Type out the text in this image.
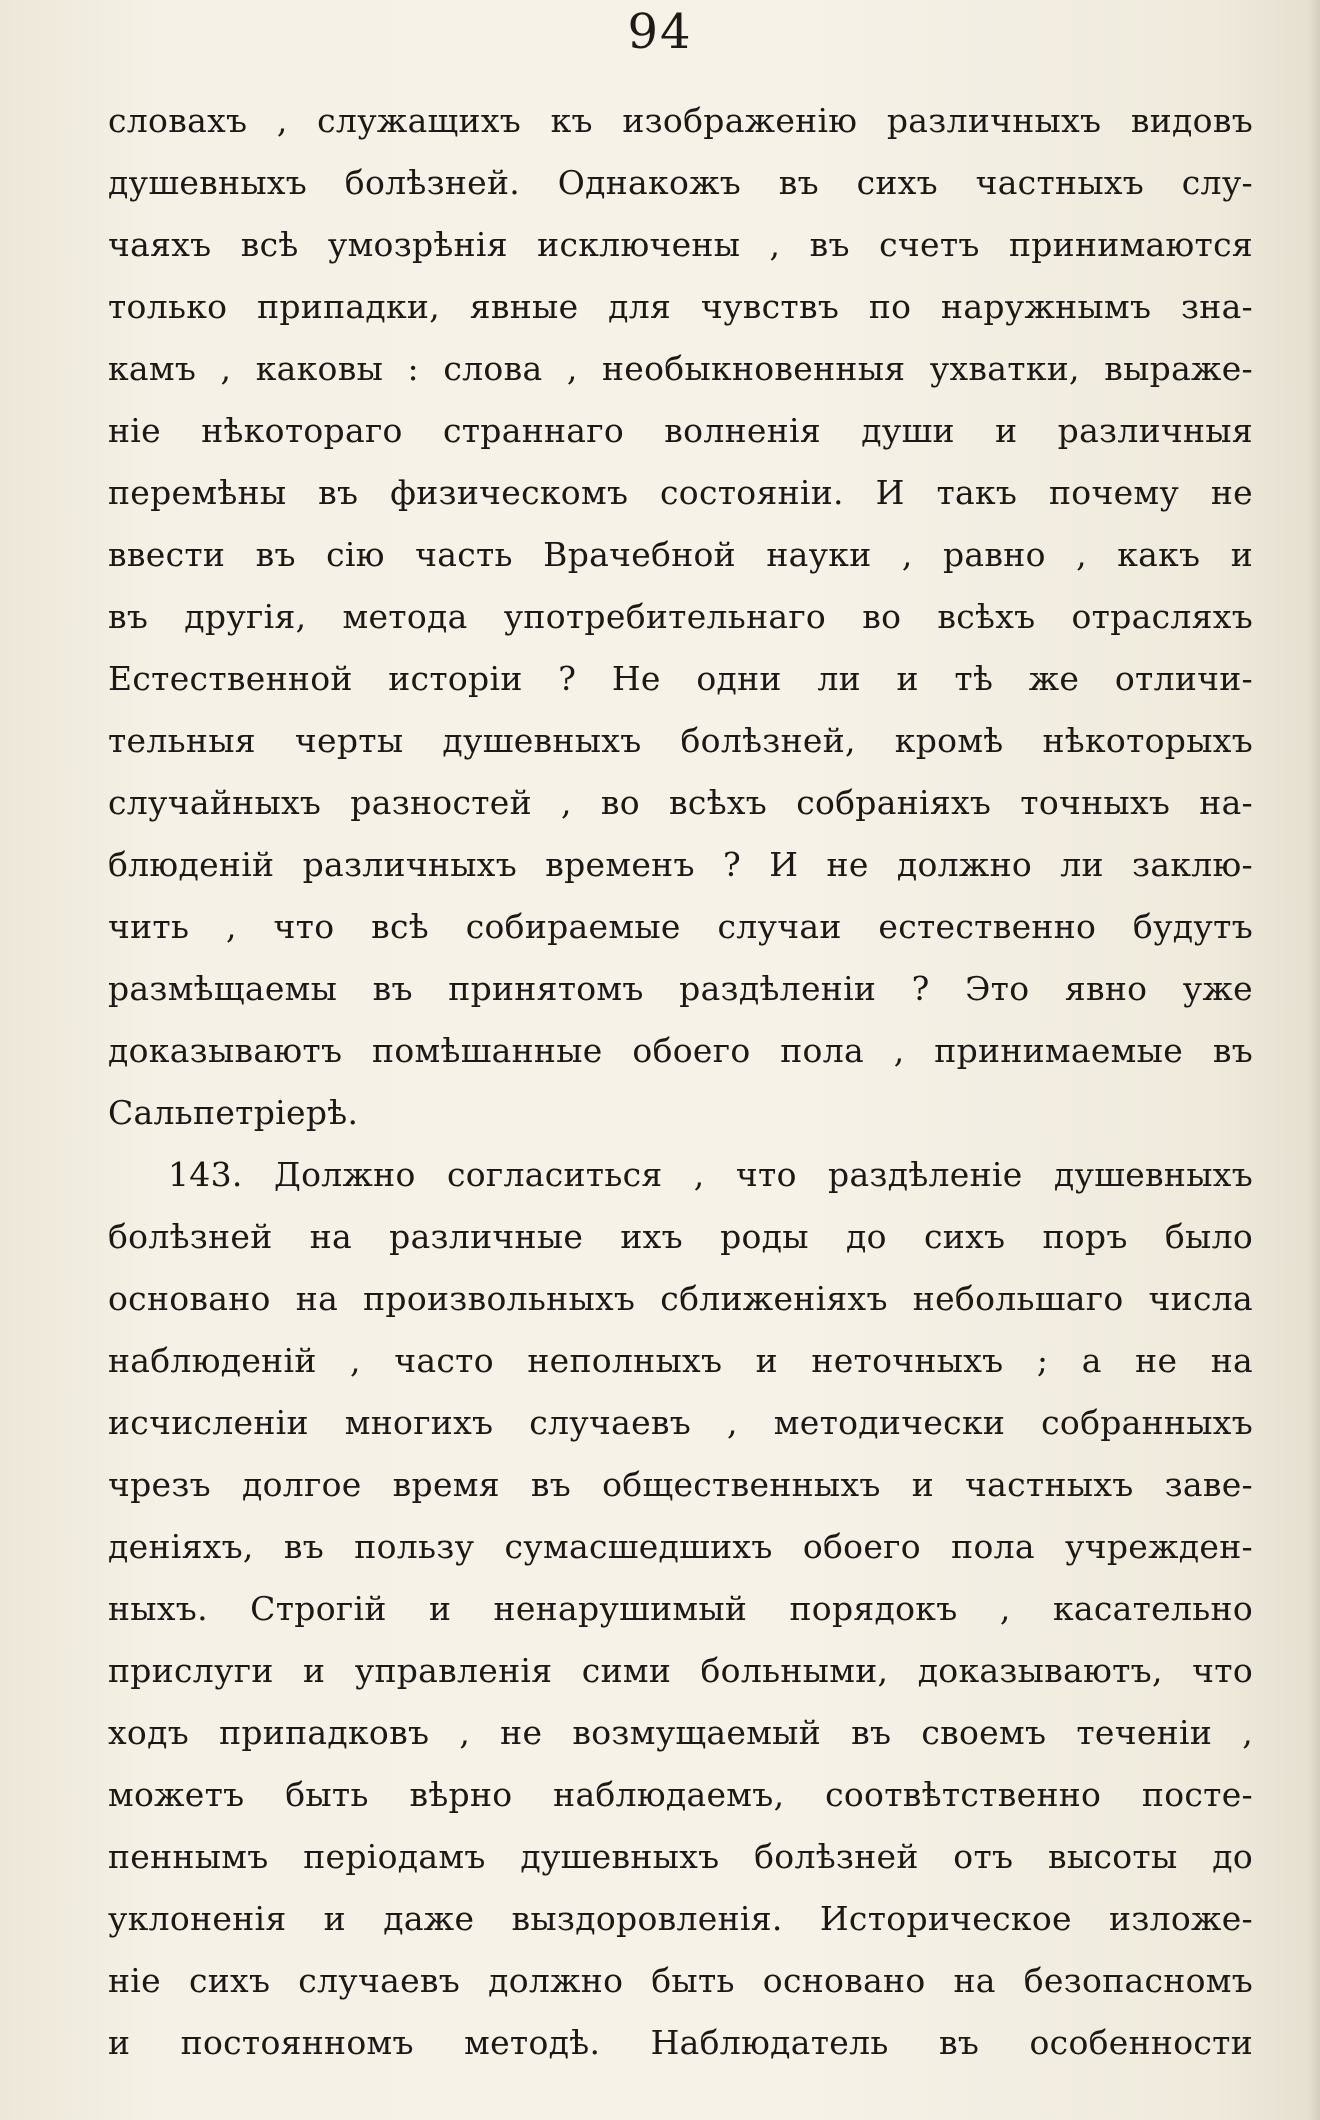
94
словахъ , служащихъ къ изображенію различныхъ видовъ
душевныхъ болѣзней. Однакожъ въ сихъ частныхъ слу-
чаяхъ всѣ умозрѣнія исключены , въ счетъ принимаются
только припадки, явные для чувствъ по наружнымъ зна-
камъ , каковы : слова , необыкновенныя ухватки, выраже-
ніе нѣкотораго страннаго волненія души и различныя
перемѣны въ физическомъ состояніи. И такъ почему не
ввести въ сію часть Врачебной науки , равно , какъ и
въ другія, метода употребительнаго во всѣхъ отрасляхъ
Естественной исторіи ? Не одни ли и тѣ же отличи-
тельныя черты душевныхъ болѣзней, кромѣ нѣкоторыхъ
случайныхъ разностей , во всѣхъ собраніяхъ точныхъ на-
блюденій различныхъ временъ ? И не должно ли заклю-
чить , что всѣ собираемые случаи естественно будутъ
размѣщаемы въ принятомъ раздѣленіи ? Это явно уже
доказываютъ помѣшанные обоего пола , принимаемые въ
Сальпетріерѣ.
143. Должно согласиться , что раздѣленіе душевныхъ
болѣзней на различные ихъ роды до сихъ поръ было
основано на произвольныхъ сближеніяхъ небольшаго числа
наблюденій , часто неполныхъ и неточныхъ ; а не на
исчисленіи многихъ случаевъ , методически собранныхъ
чрезъ долгое время въ общественныхъ и частныхъ заве-
деніяхъ, въ пользу сумасшедшихъ обоего пола учрежден-
ныхъ. Строгій и ненарушимый порядокъ , касательно
прислуги и управленія сими больными, доказываютъ, что
ходъ припадковъ , не возмущаемый въ своемъ теченіи ,
можетъ быть вѣрно наблюдаемъ, соотвѣтственно посте-
пеннымъ періодамъ душевныхъ болѣзней отъ высоты до
уклоненія и даже выздоровленія. Историческое изложе-
ніе сихъ случаевъ должно быть основано на безопасномъ
и постоянномъ методѣ. Наблюдатель въ особенности
